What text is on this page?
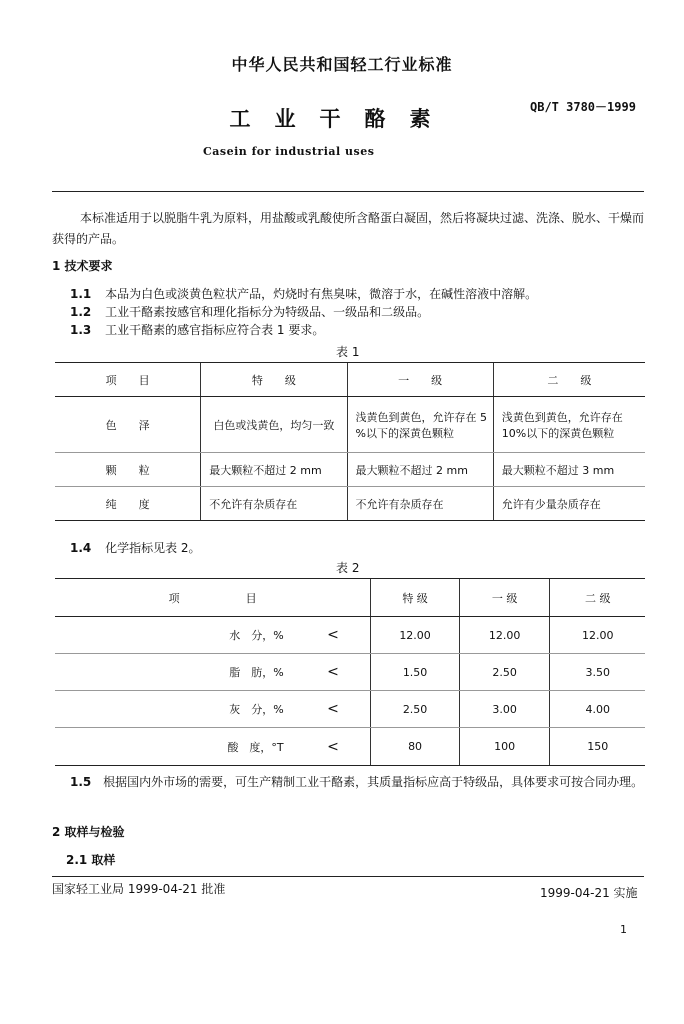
中华人民共和国轻工行业标准
工业干酪素	QB/T 3780－1999
Casein for industrial uses
本标准适用于以脱脂牛乳为原料，用盐酸或乳酸使所含酪蛋白凝固，然后将凝块过滤、洗涤、脱水、干燥而获得的产品。
1 技术要求
1.1 本品为白色或淡黄色粒状产品，灼烧时有焦臭味，微溶于水，在碱性溶液中溶解。
1.2 工业干酪素按感官和理化指标分为特级品、一级品和二级品。
1.3 工业干酪素的感官指标应符合表 1 要求。
表 1
项　　目	特　　级	一　　级	二　　级
色　　泽	白色或浅黄色，均匀一致	浅黄色到黄色，允许存在 5 %以下的深黄色颗粒	浅黄色到黄色，允许存在 10%以下的深黄色颗粒
颗　　粒	最大颗粒不超过 2 mm	最大颗粒不超过 2 mm	最大颗粒不超过 3 mm
纯　　度	不允许有杂质存在	不允许有杂质存在	允许有少量杂质存在
1.4 化学指标见表 2。
表 2
项　　　　　　目		特 级	一 级	二 级
水　分，%	<	12.00	12.00	12.00
脂　肪，%	<	1.50	2.50	3.50
灰　分，%	<	2.50	3.00	4.00
酸　度，°T	<	80	100	150
1.5 根据国内外市场的需要，可生产精制工业干酪素，其质量指标应高于特级品，具体要求可按合同办理。
2 取样与检验
2.1 取样
国家轻工业局 1999-04-21 批准	1999-04-21 实施
1
